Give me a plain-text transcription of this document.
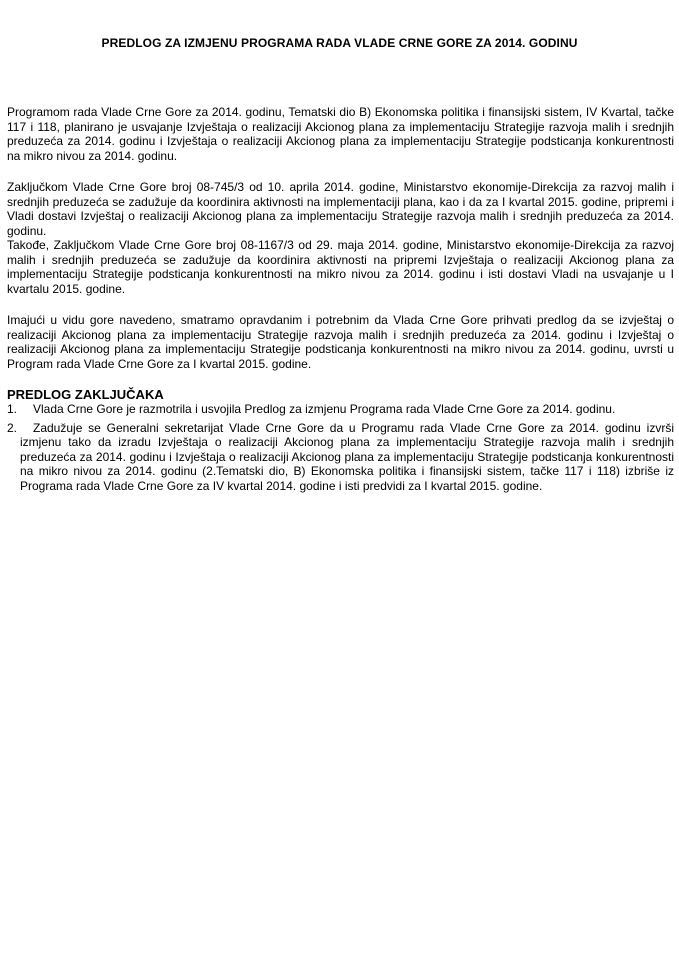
PREDLOG ZA IZMJENU PROGRAMA RADA VLADE CRNE GORE ZA 2014. GODINU

Programom rada Vlade Crne Gore za 2014. godinu, Tematski dio B) Ekonomska politika i finansijski sistem, IV Kvartal, tačke 117 i 118, planirano je usvajanje Izvještaja o realizaciji Akcionog plana za implementaciju Strategije razvoja malih i srednjih preduzeća za 2014. godinu i Izvještaja o realizaciji Akcionog plana za implementaciju Strategije podsticanja konkurentnosti na mikro nivou za 2014. godinu.

Zaključkom Vlade Crne Gore broj 08-745/3 od 10. aprila 2014. godine, Ministarstvo ekonomije-Direkcija za razvoj malih i srednjih preduzeća se zadužuje da koordinira aktivnosti na implementaciji plana, kao i da za I kvartal 2015. godine, pripremi i Vladi dostavi Izvještaj o realizaciji Akcionog plana za implementaciju Strategije razvoja malih i srednjih preduzeća za 2014. godinu.

Takođe, Zaključkom Vlade Crne Gore broj 08-1167/3 od 29. maja 2014. godine, Ministarstvo ekonomije-Direkcija za razvoj malih i srednjih preduzeća se zadužuje da koordinira aktivnosti na pripremi Izvještaja o realizaciji Akcionog plana za implementaciju Strategije podsticanja konkurentnosti na mikro nivou za 2014. godinu i isti dostavi Vladi na usvajanje u I kvartalu 2015. godine.

Imajući u vidu gore navedeno, smatramo opravdanim i potrebnim da Vlada Crne Gore prihvati predlog da se izvještaj o realizaciji Akcionog plana za implementaciju Strategije razvoja malih i srednjih preduzeća za 2014. godinu i Izvještaj o realizaciji Akcionog plana za implementaciju Strategije podsticanja konkurentnosti na mikro nivou za 2014. godinu, uvrsti u Program rada Vlade Crne Gore za I kvartal 2015. godine.

PREDLOG ZAKLJUČAKA
1.	Vlada Crne Gore je razmotrila i usvojila Predlog za izmjenu Programa rada Vlade Crne Gore za 2014. godinu.
2.	Zadužuje se Generalni sekretarijat Vlade Crne Gore da u Programu rada Vlade Crne Gore za 2014. godinu izvrši izmjenu tako da izradu Izvještaja o realizaciji Akcionog plana za implementaciju Strategije razvoja malih i srednjih preduzeća za 2014. godinu i Izvještaja o realizaciji Akcionog plana za implementaciju Strategije podsticanja konkurentnosti na mikro nivou za 2014. godinu (2.Tematski dio, B) Ekonomska politika i finansijski sistem, tačke 117 i 118) izbriše iz Programa rada Vlade Crne Gore za IV kvartal 2014. godine i isti predvidi za I kvartal 2015. godine.
